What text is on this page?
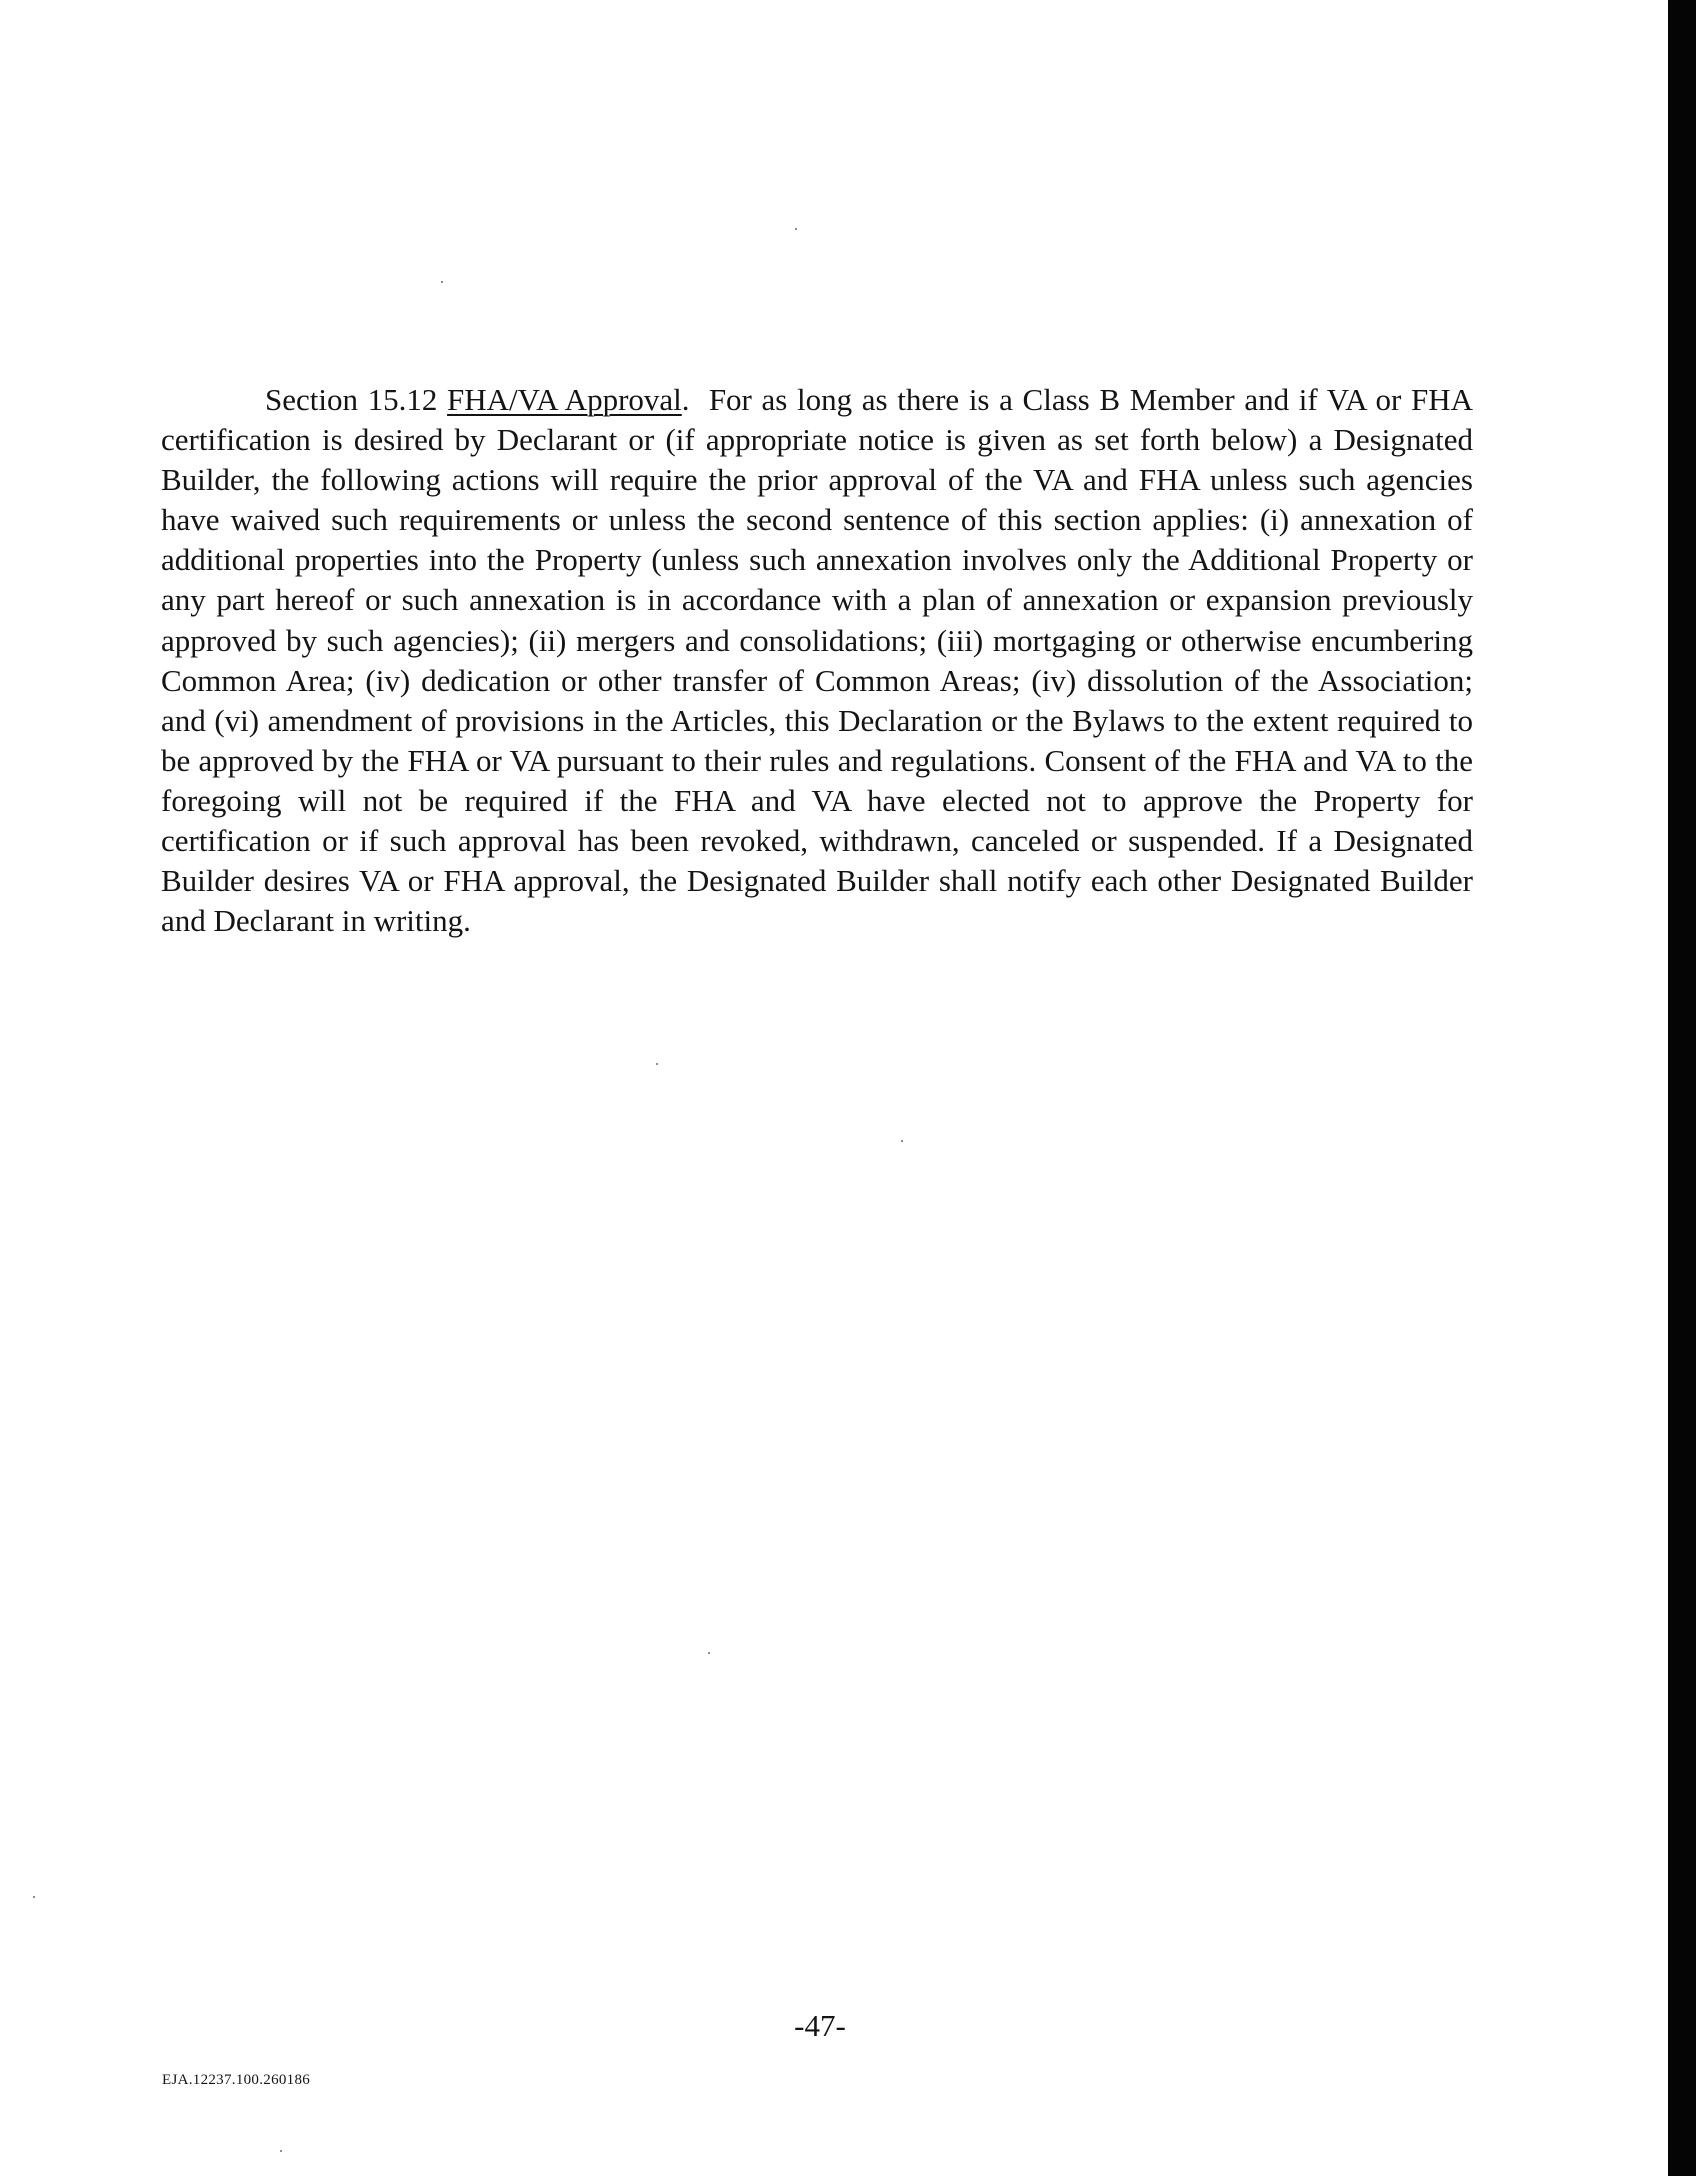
Section 15.12 FHA/VA Approval. For as long as there is a Class B Member and if VA or FHA certification is desired by Declarant or (if appropriate notice is given as set forth below) a Designated Builder, the following actions will require the prior approval of the VA and FHA unless such agencies have waived such requirements or unless the second sentence of this section applies: (i) annexation of additional properties into the Property (unless such annexation involves only the Additional Property or any part hereof or such annexation is in accordance with a plan of annexation or expansion previously approved by such agencies); (ii) mergers and consolidations; (iii) mortgaging or otherwise encumbering Common Area; (iv) dedication or other transfer of Common Areas; (iv) dissolution of the Association; and (vi) amendment of provisions in the Articles, this Declaration or the Bylaws to the extent required to be approved by the FHA or VA pursuant to their rules and regulations. Consent of the FHA and VA to the foregoing will not be required if the FHA and VA have elected not to approve the Property for certification or if such approval has been revoked, withdrawn, canceled or suspended. If a Designated Builder desires VA or FHA approval, the Designated Builder shall notify each other Designated Builder and Declarant in writing.

-47-
EJA.12237.100.260186
